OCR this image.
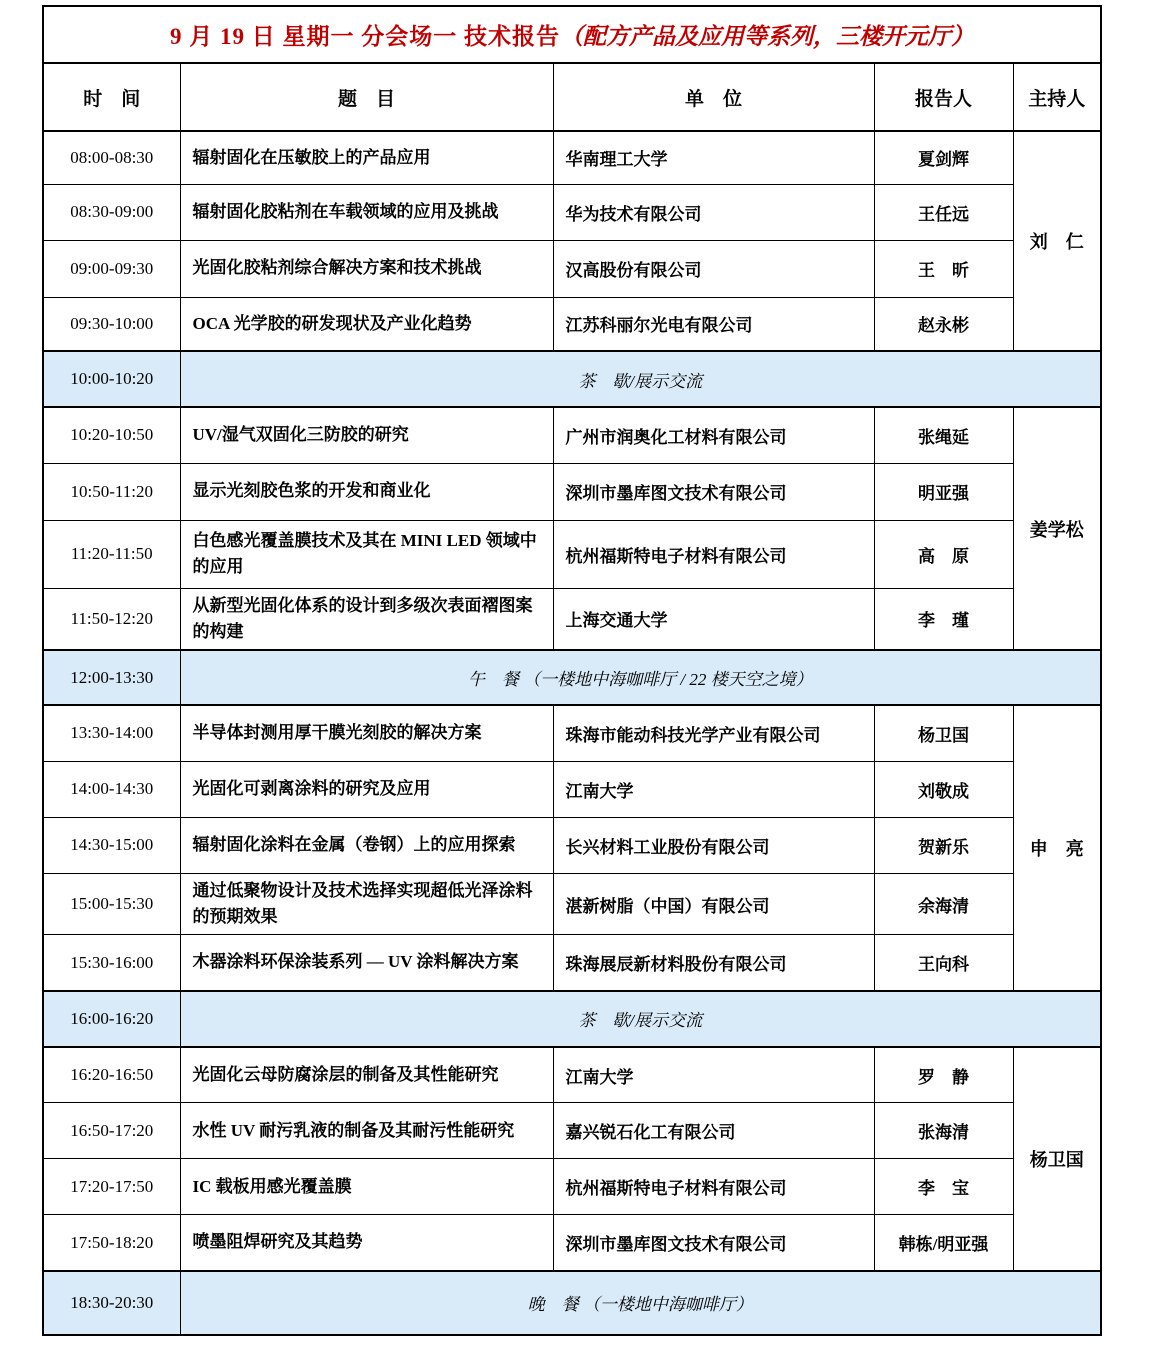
9 月 19 日 星期一 分会场一 技术报告（配方产品及应用等系列，三楼开元厅）				
时　间	题　目	单　位	报告人	主持人
08:00-08:30	辐射固化在压敏胶上的产品应用	华南理工大学	夏剑辉	刘　仁
08:30-09:00	辐射固化胶粘剂在车载领域的应用及挑战	华为技术有限公司	王任远	
09:00-09:30	光固化胶粘剂综合解决方案和技术挑战	汉高股份有限公司	王　昕	
09:30-10:00	OCA 光学胶的研发现状及产业化趋势	江苏科丽尔光电有限公司	赵永彬	
10:00-10:20	茶　歇/展示交流			
10:20-10:50	UV/湿气双固化三防胶的研究	广州市润奥化工材料有限公司	张绳延	姜学松
10:50-11:20	显示光刻胶色浆的开发和商业化	深圳市墨库图文技术有限公司	明亚强	
11:20-11:50	白色感光覆盖膜技术及其在 MINI LED 领域中的应用	杭州福斯特电子材料有限公司	高　原	
11:50-12:20	从新型光固化体系的设计到多级次表面褶图案的构建	上海交通大学	李　瑾	
12:00-13:30	午　餐 （一楼地中海咖啡厅 / 22 楼天空之境）			
13:30-14:00	半导体封测用厚干膜光刻胶的解决方案	珠海市能动科技光学产业有限公司	杨卫国	申　亮
14:00-14:30	光固化可剥离涂料的研究及应用	江南大学	刘敬成	
14:30-15:00	辐射固化涂料在金属（卷钢）上的应用探索	长兴材料工业股份有限公司	贺新乐	
15:00-15:30	通过低聚物设计及技术选择实现超低光泽涂料的预期效果	湛新树脂（中国）有限公司	余海清	
15:30-16:00	木器涂料环保涂装系列 — UV 涂料解决方案	珠海展辰新材料股份有限公司	王向科	
16:00-16:20	茶　歇/展示交流			
16:20-16:50	光固化云母防腐涂层的制备及其性能研究	江南大学	罗　静	杨卫国
16:50-17:20	水性 UV 耐污乳液的制备及其耐污性能研究	嘉兴锐石化工有限公司	张海清	
17:20-17:50	IC 载板用感光覆盖膜	杭州福斯特电子材料有限公司	李　宝	
17:50-18:20	喷墨阻焊研究及其趋势	深圳市墨库图文技术有限公司	韩栋/明亚强	
18:30-20:30	晚　餐 （一楼地中海咖啡厅）			
